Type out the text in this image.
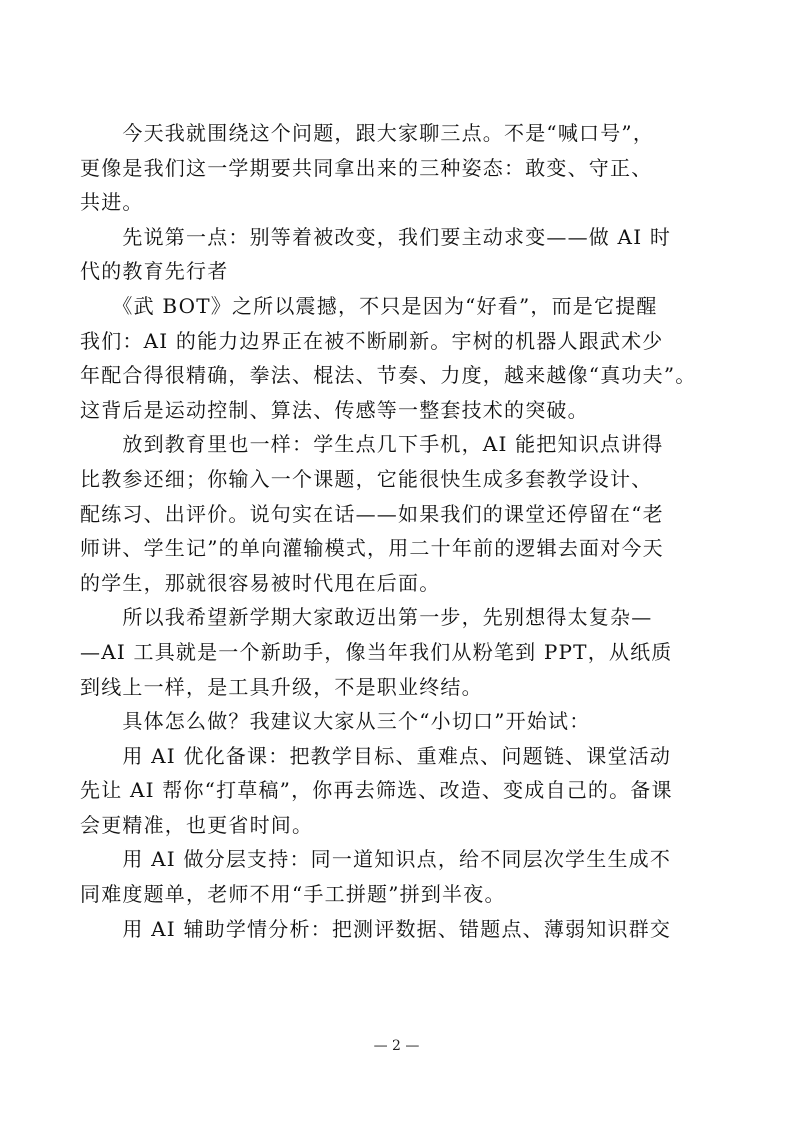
　　今天我就围绕这个问题，跟大家聊三点。不是“喊口号”，

更像是我们这一学期要共同拿出来的三种姿态：敢变、守正、

共进。

　　先说第一点：别等着被改变，我们要主动求变——做 AI 时

代的教育先行者

　　《武 BOT》之所以震撼，不只是因为“好看”，而是它提醒

我们：AI 的能力边界正在被不断刷新。宇树的机器人跟武术少

年配合得很精确，拳法、棍法、节奏、力度，越来越像“真功夫”。

这背后是运动控制、算法、传感等一整套技术的突破。

　　放到教育里也一样：学生点几下手机，AI 能把知识点讲得

比教参还细；你输入一个课题，它能很快生成多套教学设计、

配练习、出评价。说句实在话——如果我们的课堂还停留在“老

师讲、学生记”的单向灌输模式，用二十年前的逻辑去面对今天

的学生，那就很容易被时代甩在后面。

　　所以我希望新学期大家敢迈出第一步，先别想得太复杂—

—AI 工具就是一个新助手，像当年我们从粉笔到 PPT，从纸质

到线上一样，是工具升级，不是职业终结。

　　具体怎么做？我建议大家从三个“小切口”开始试：

　　用 AI 优化备课：把教学目标、重难点、问题链、课堂活动

先让 AI 帮你“打草稿”，你再去筛选、改造、变成自己的。备课

会更精准，也更省时间。

　　用 AI 做分层支持：同一道知识点，给不同层次学生生成不

同难度题单，老师不用“手工拼题”拼到半夜。

　　用 AI 辅助学情分析：把测评数据、错题点、薄弱知识群交

— 2 —
